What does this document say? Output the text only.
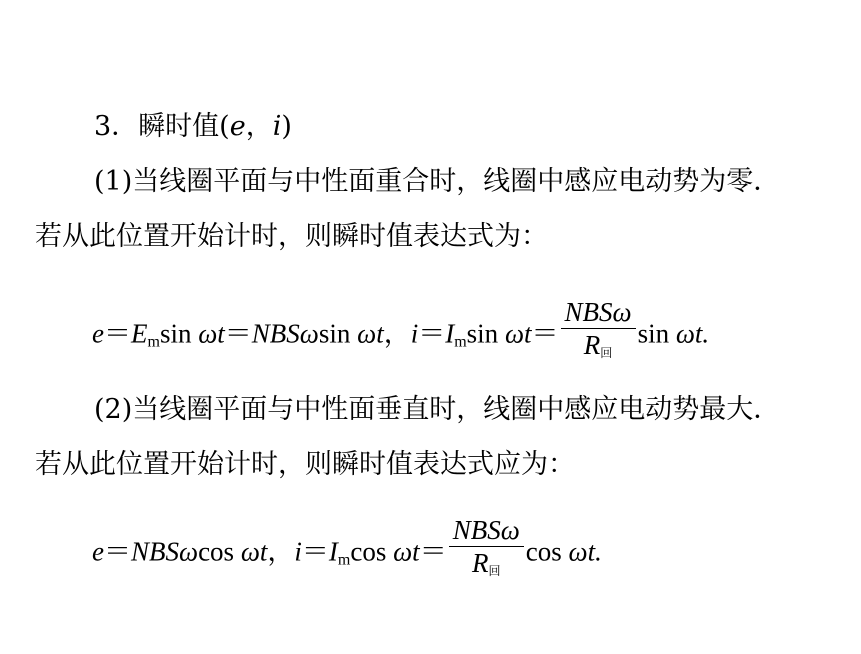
3．瞬时值(e，i)
(1)当线圈平面与中性面重合时，线圈中感应电动势为零．
若从此位置开始计时，则瞬时值表达式为：
$e=E_m\sin$ ωt＝NBSωsin ωt，$i=I_m\sin$ $\omega t= \frac{\text{NBSω}}{\text{R回}}$ sin ωt.
(2)当线圈平面与中性面垂直时，线圈中感应电动势最大．
若从此位置开始计时，则瞬时值表达式应为：
e＝NBSωcos ωt，$i=I_m\cos$ $\omega t= \frac{\text{NBSω}}{\text{R回}}$ cos ωt.
